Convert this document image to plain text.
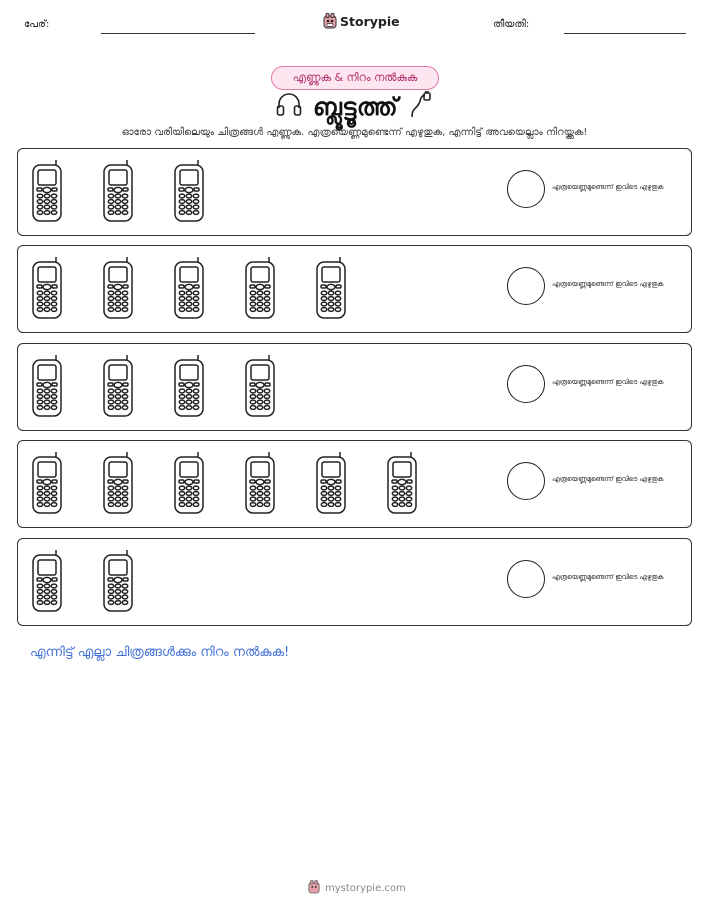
പേര്:	Storypie	തീയതി:
എണ്ണുക & നിറം നൽകുക
ബ്ലൂട്ടൂത്ത്
ഓരോ വരിയിലെയും ചിത്രങ്ങൾ എണ്ണുക. എത്രയെണ്ണമുണ്ടെന്ന് എഴുതുക, എന്നിട്ട് അവയെല്ലാം നിറയ്ക്കുക!
എത്രയെണ്ണമുണ്ടെന്ന് ഇവിടെ എഴുതുക
എത്രയെണ്ണമുണ്ടെന്ന് ഇവിടെ എഴുതുക
എത്രയെണ്ണമുണ്ടെന്ന് ഇവിടെ എഴുതുക
എത്രയെണ്ണമുണ്ടെന്ന് ഇവിടെ എഴുതുക
എത്രയെണ്ണമുണ്ടെന്ന് ഇവിടെ എഴുതുക
എന്നിട്ട് എല്ലാ ചിത്രങ്ങൾക്കും നിറം നൽകുക!
mystorypie.com
